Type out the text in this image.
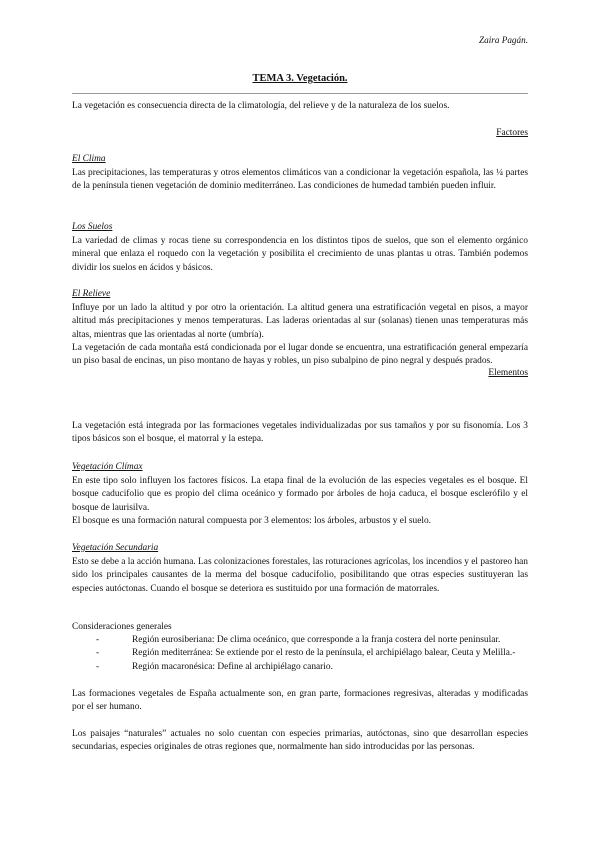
Zaira Pagán.
TEMA 3. Vegetación.
La vegetación es consecuencia directa de la climatología, del relieve y de la naturaleza de los suelos.
Factores
El Clima
Las precipitaciones, las temperaturas y otros elementos climáticos van a condicionar la vegetación española, las ¼ partes de la península tienen vegetación de dominio mediterráneo. Las condiciones de humedad también pueden influir.
Los Suelos
La variedad de climas y rocas tiene su correspondencia en los distintos tipos de suelos, que son el elemento orgánico mineral que enlaza el roquedo con la vegetación y posibilita el crecimiento de unas plantas u otras. También podemos dividir los suelos en ácidos y básicos.
El Relieve
Influye por un lado la altitud y por otro la orientación. La altitud genera una estratificación vegetal en pisos, a mayor altitud más precipitaciones y menos temperaturas. Las laderas orientadas al sur (solanas) tienen unas temperaturas más altas, mientras que las orientadas al norte (umbría).
La vegetación de cada montaña está condicionada por el lugar donde se encuentra, una estratificación general empezaría un piso basal de encinas, un piso montano de hayas y robles, un piso subalpino de pino negral y después prados.
Elementos
La vegetación está integrada por las formaciones vegetales individualizadas por sus tamaños y por su fisonomía. Los 3 tipos básicos son el bosque, el matorral y la estepa.
Vegetación Clímax
En este tipo solo influyen los factores físicos. La etapa final de la evolución de las especies vegetales es el bosque. El bosque caducifolio que es propio del clima oceánico y formado por árboles de hoja caduca, el bosque esclerófilo y el bosque de laurisilva.
El bosque es una formación natural compuesta por 3 elementos: los árboles, arbustos y el suelo.
Vegetación Secundaria
Esto se debe a la acción humana. Las colonizaciones forestales, las roturaciones agrícolas, los incendios y el pastoreo han sido los principales causantes de la merma del bosque caducifolio, posibilitando que otras especies sustituyeran las especies autóctonas. Cuando el bosque se deteriora es sustituido por una formación de matorrales.
Consideraciones generales
- Región eurosiberiana: De clima oceánico, que corresponde a la franja costera del norte peninsular.
- Región mediterránea: Se extiende por el resto de la península, el archipiélago balear, Ceuta y Melilla.-
- Región macaronésica: Define al archipiélago canario.
Las formaciones vegetales de España actualmente son, en gran parte, formaciones regresivas, alteradas y modificadas por el ser humano.
Los paisajes “naturales” actuales no solo cuentan con especies primarias, autóctonas, sino que desarrollan especies secundarias, especies originales de otras regiones que, normalmente han sido introducidas por las personas.
